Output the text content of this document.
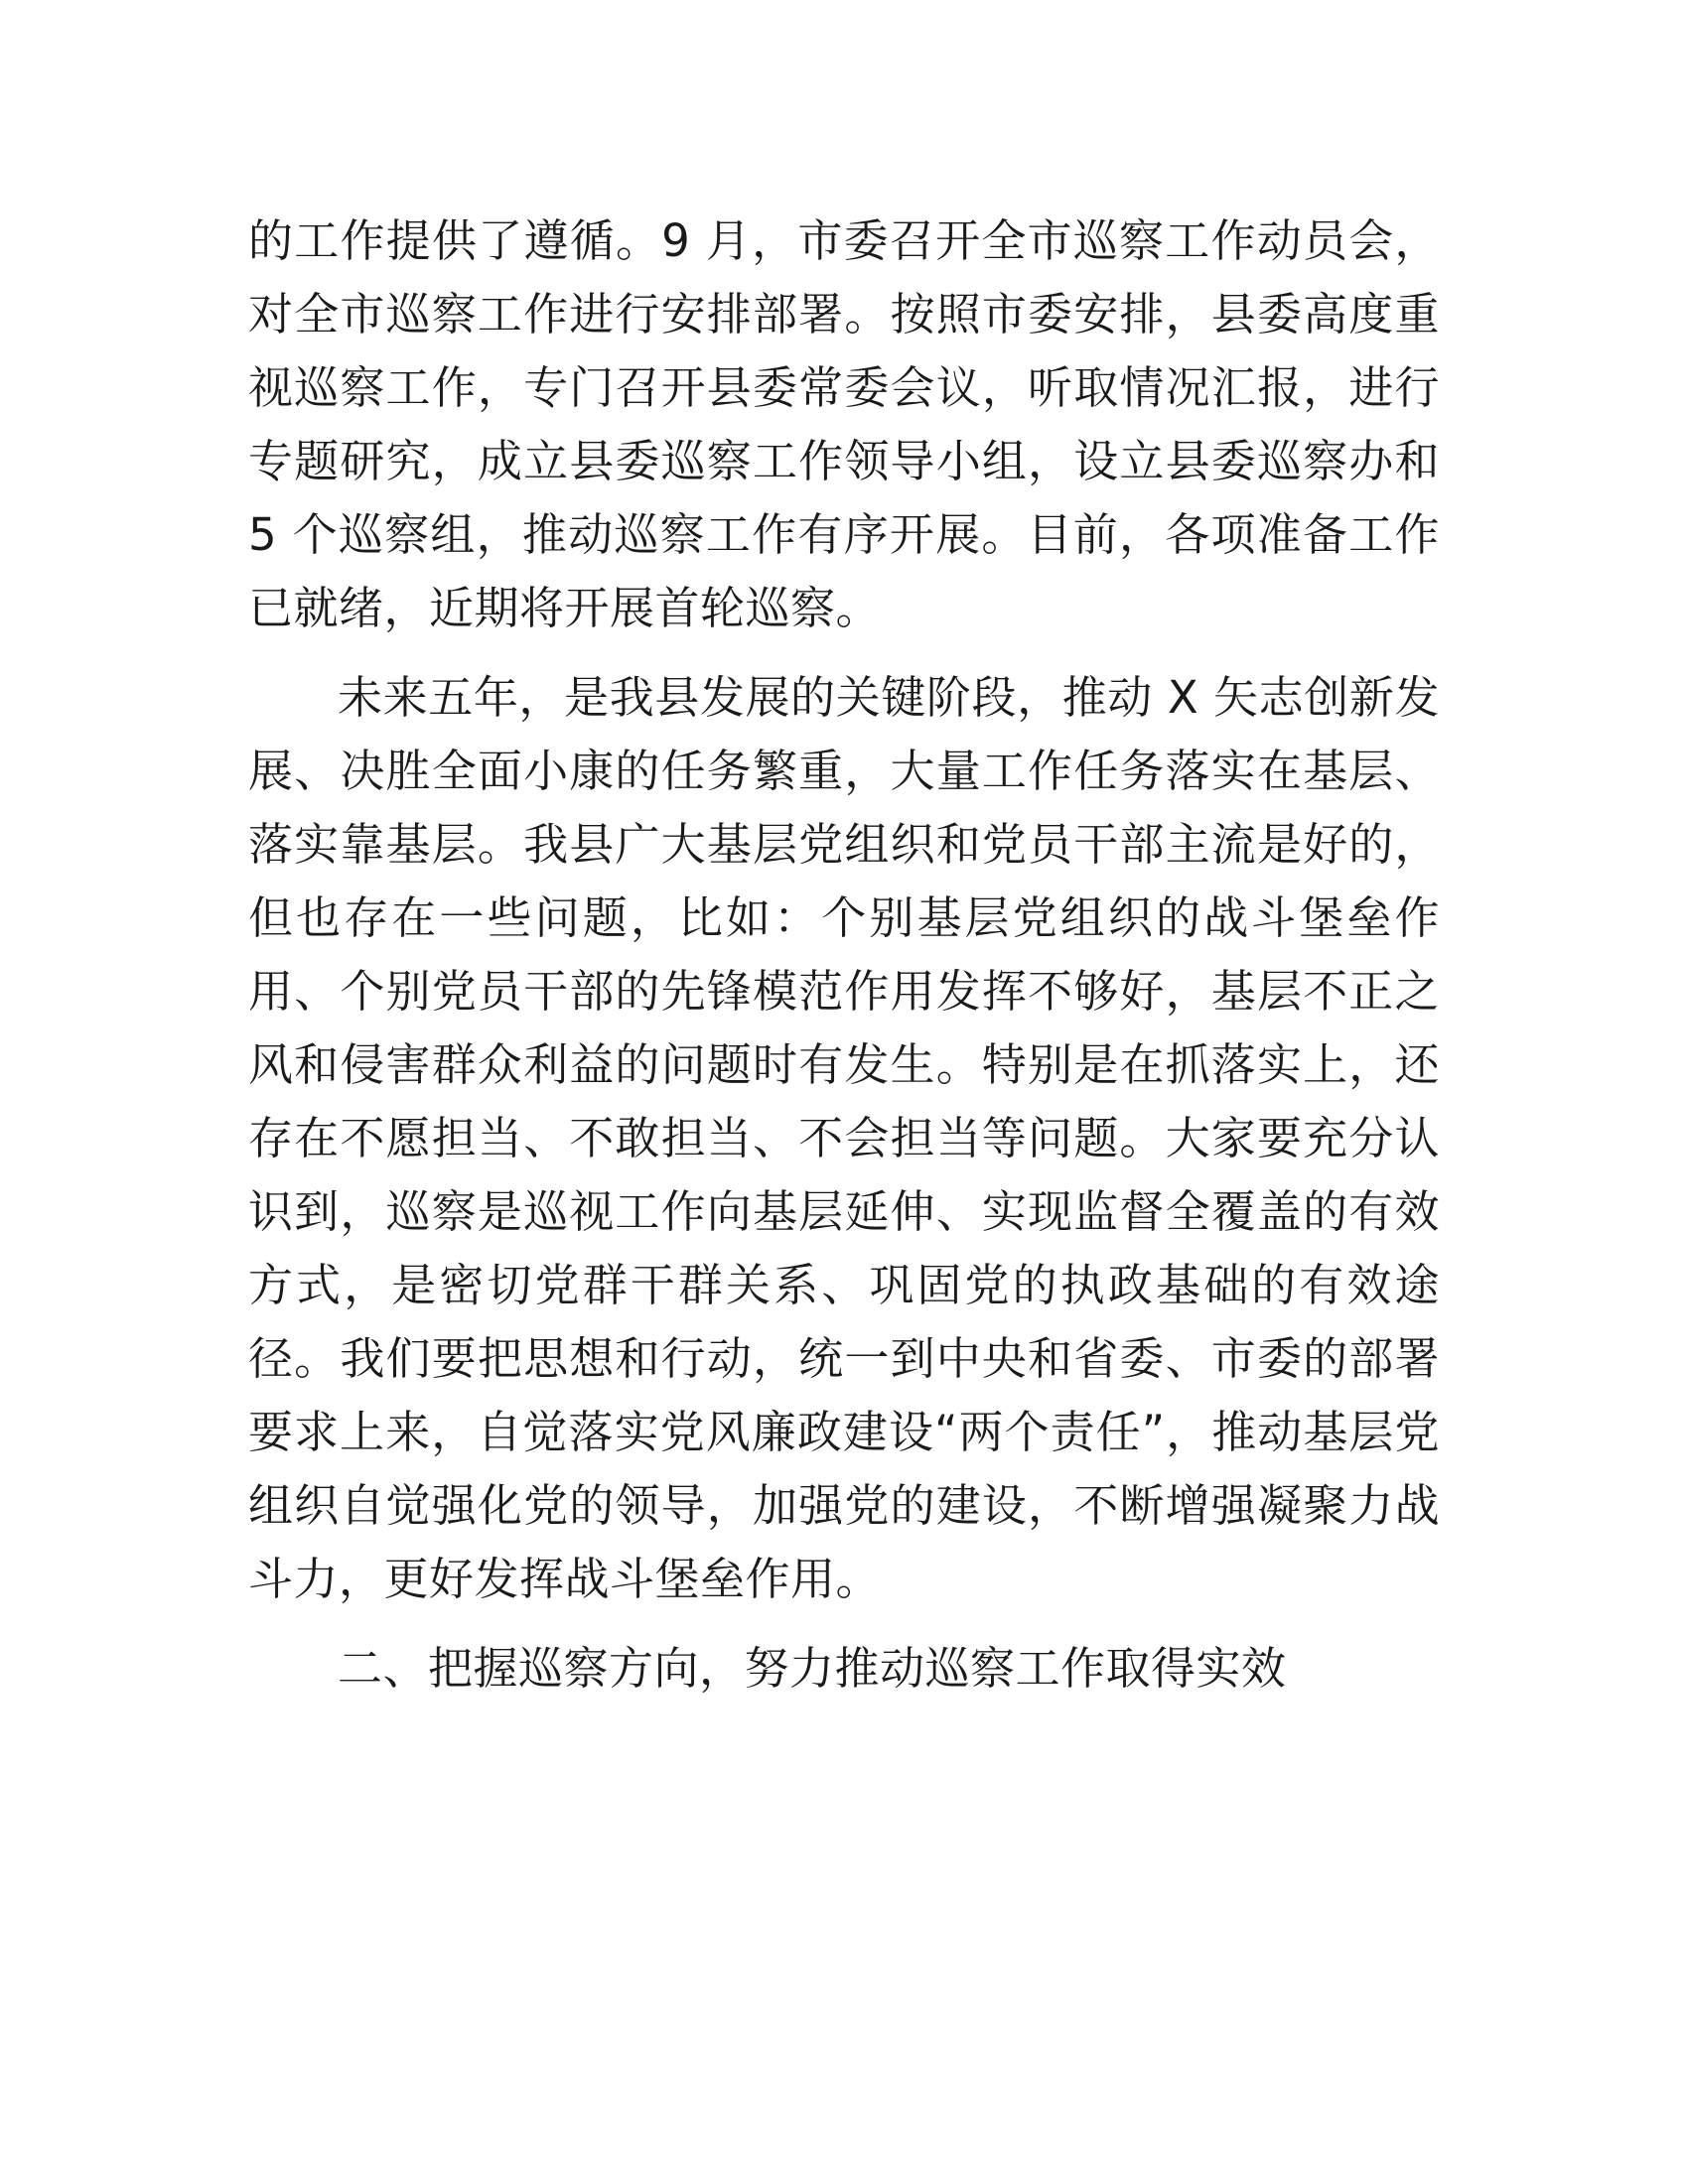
的工作提供了遵循。9 月，市委召开全市巡察工作动员会，对全市巡察工作进行安排部署。按照市委安排，县委高度重视巡察工作，专门召开县委常委会议，听取情况汇报，进行专题研究，成立县委巡察工作领导小组，设立县委巡察办和 5 个巡察组，推动巡察工作有序开展。目前，各项准备工作已就绪，近期将开展首轮巡察。

未来五年，是我县发展的关键阶段，推动 X 矢志创新发展、决胜全面小康的任务繁重，大量工作任务落实在基层、落实靠基层。我县广大基层党组织和党员干部主流是好的，但也存在一些问题，比如：个别基层党组织的战斗堡垒作用、个别党员干部的先锋模范作用发挥不够好，基层不正之风和侵害群众利益的问题时有发生。特别是在抓落实上，还存在不愿担当、不敢担当、不会担当等问题。大家要充分认识到，巡察是巡视工作向基层延伸、实现监督全覆盖的有效方式，是密切党群干群关系、巩固党的执政基础的有效途径。我们要把思想和行动，统一到中央和省委、市委的部署要求上来，自觉落实党风廉政建设“两个责任”，推动基层党组织自觉强化党的领导，加强党的建设，不断增强凝聚力战斗力，更好发挥战斗堡垒作用。

二、把握巡察方向，努力推动巡察工作取得实效
